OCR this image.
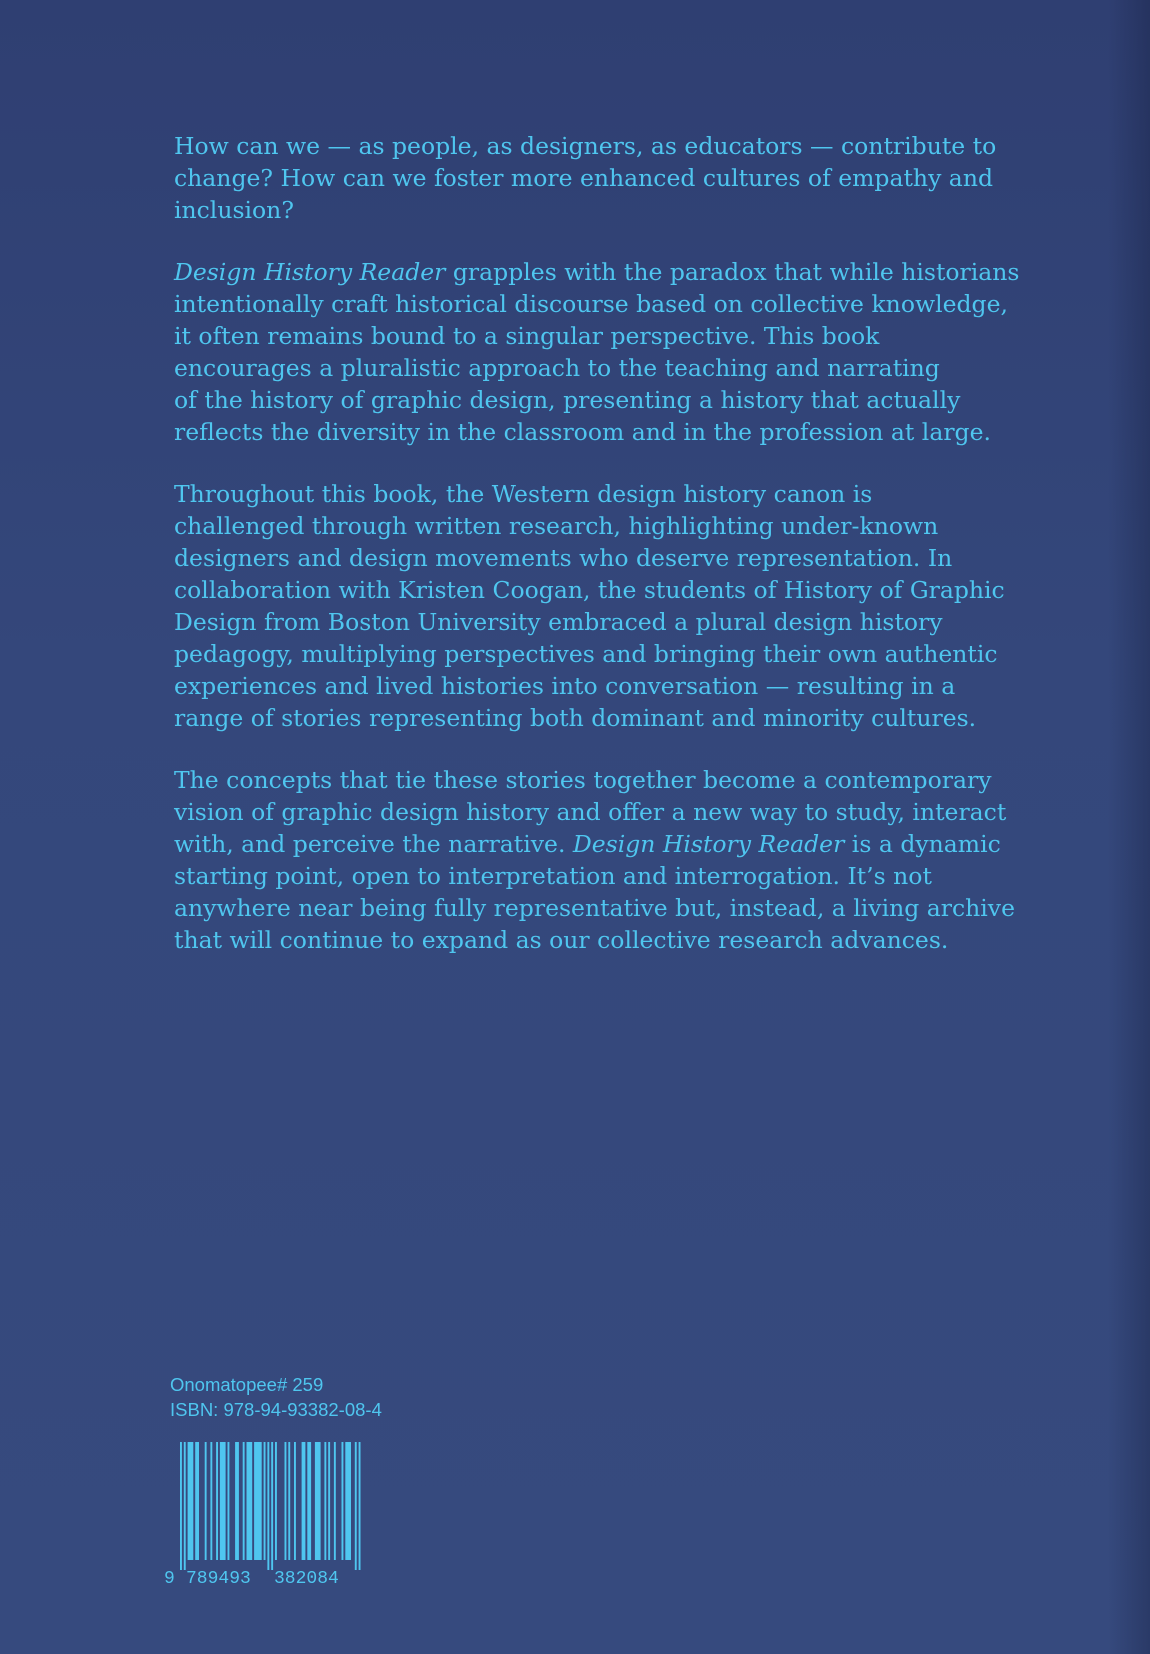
How can we — as people, as designers, as educators — contribute to
change? How can we foster more enhanced cultures of empathy and
inclusion?

Design History Reader grapples with the paradox that while historians
intentionally craft historical discourse based on collective knowledge,
it often remains bound to a singular perspective. This book
encourages a pluralistic approach to the teaching and narrating
of the history of graphic design, presenting a history that actually
reflects the diversity in the classroom and in the profession at large.

Throughout this book, the Western design history canon is
challenged through written research, highlighting under-known
designers and design movements who deserve representation. In
collaboration with Kristen Coogan, the students of History of Graphic
Design from Boston University embraced a plural design history
pedagogy, multiplying perspectives and bringing their own authentic
experiences and lived histories into conversation — resulting in a
range of stories representing both dominant and minority cultures.

The concepts that tie these stories together become a contemporary
vision of graphic design history and offer a new way to study, interact
with, and perceive the narrative. Design History Reader is a dynamic
starting point, open to interpretation and interrogation. It’s not
anywhere near being fully representative but, instead, a living archive
that will continue to expand as our collective research advances.

Onomatopee# 259
ISBN: 978-94-93382-08-4
9 789493 382084
